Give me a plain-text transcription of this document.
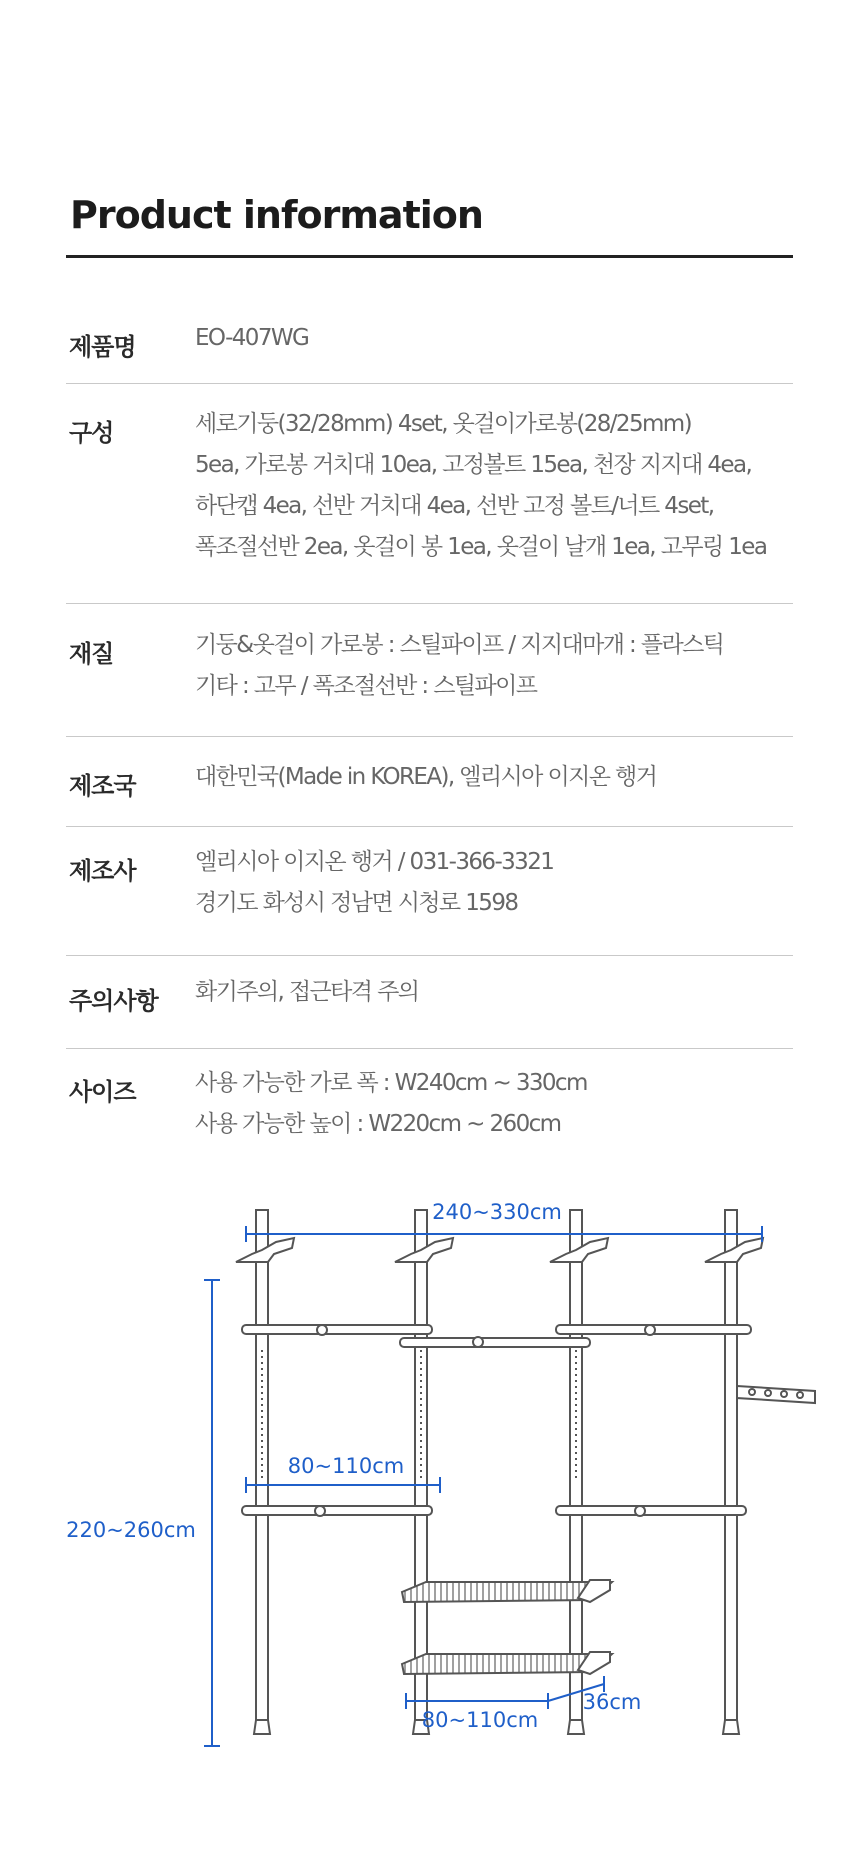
Product information
제품명	EO-407WG
구성	세로기둥(32/28mm) 4set, 옷걸이가로봉(28/25mm)
5ea, 가로봉 거치대 10ea, 고정볼트 15ea, 천장 지지대 4ea,
하단캡 4ea, 선반 거치대 4ea, 선반 고정 볼트/너트 4set,
폭조절선반 2ea, 옷걸이 봉 1ea, 옷걸이 날개 1ea, 고무링 1ea
재질	기둥&옷걸이 가로봉 : 스틸파이프 / 지지대마개 : 플라스틱
기타 : 고무 / 폭조절선반 : 스틸파이프
제조국	대한민국(Made in KOREA), 엘리시아 이지온 행거
제조사	엘리시아 이지온 행거 / 031-366-3321
경기도 화성시 정남면 시청로 1598
주의사항 화기주의, 접근타격 주의
사이즈	사용 가능한 가로 폭 : W240cm ~ 330cm
사용 가능한 높이 : W220cm ~ 260cm
240~330cm
220~260cm
80~110cm
80~110cm
36cm
